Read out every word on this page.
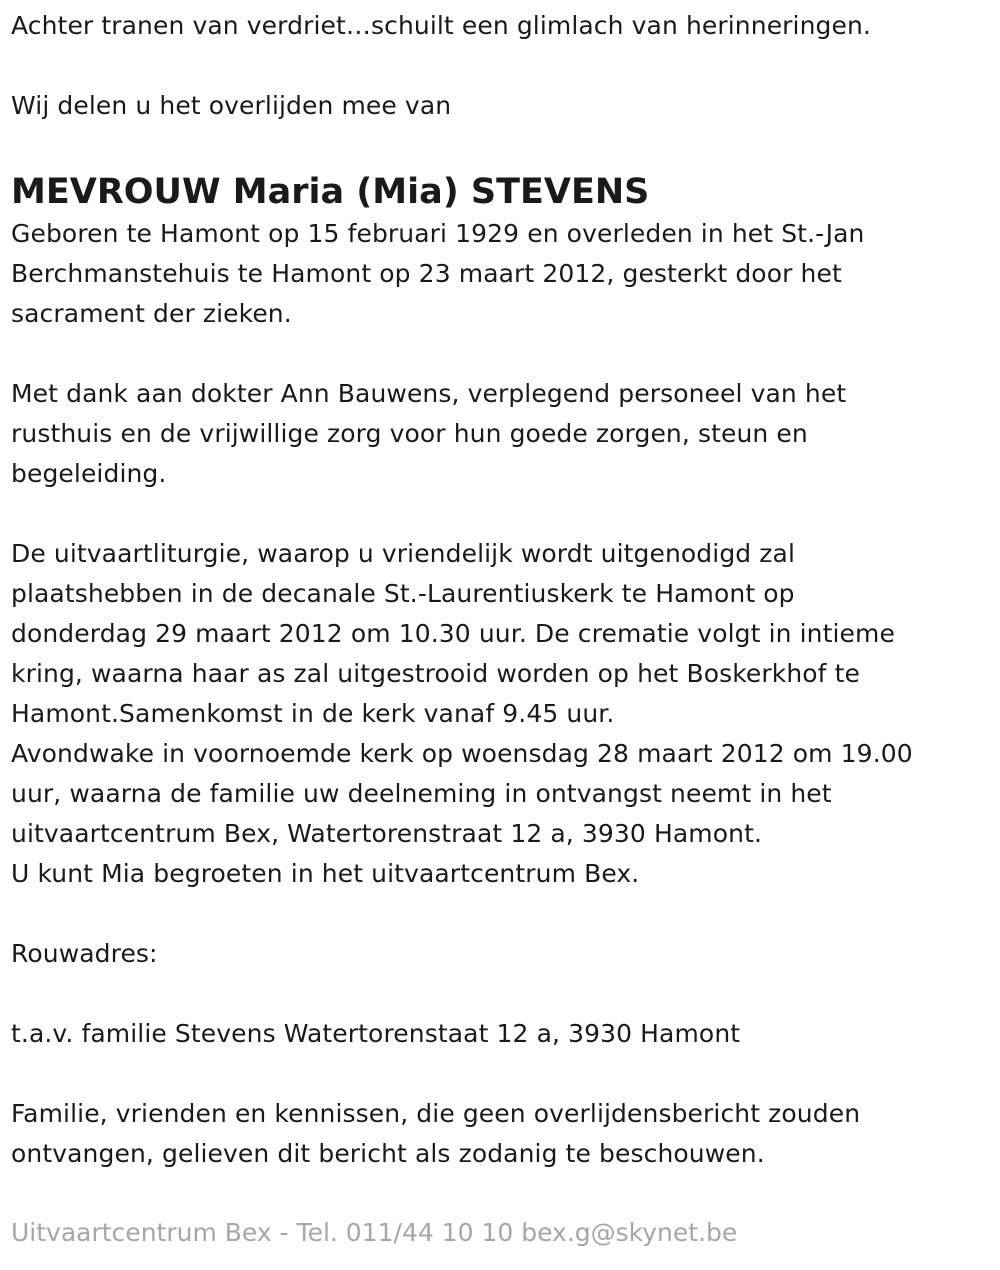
Achter tranen van verdriet…schuilt een glimlach van herinneringen.
Wij delen u het overlijden mee van
MEVROUW Maria (Mia) STEVENS
Geboren te Hamont op 15 februari 1929 en overleden in het St.-Jan
Berchmanstehuis te Hamont op 23 maart 2012, gesterkt door het
sacrament der zieken.
Met dank aan dokter Ann Bauwens, verplegend personeel van het
rusthuis en de vrijwillige zorg voor hun goede zorgen, steun en
begeleiding.
De uitvaartliturgie, waarop u vriendelijk wordt uitgenodigd zal
plaatshebben in de decanale St.-Laurentiuskerk te Hamont op
donderdag 29 maart 2012 om 10.30 uur. De crematie volgt in intieme
kring, waarna haar as zal uitgestrooid worden op het Boskerkhof te
Hamont.Samenkomst in de kerk vanaf 9.45 uur.
Avondwake in voornoemde kerk op woensdag 28 maart 2012 om 19.00
uur, waarna de familie uw deelneming in ontvangst neemt in het
uitvaartcentrum Bex, Watertorenstraat 12 a, 3930 Hamont.
U kunt Mia begroeten in het uitvaartcentrum Bex.
Rouwadres:
t.a.v. familie Stevens Watertorenstaat 12 a, 3930 Hamont
Familie, vrienden en kennissen, die geen overlijdensbericht zouden
ontvangen, gelieven dit bericht als zodanig te beschouwen.
Uitvaartcentrum Bex - Tel. 011/44 10 10 bex.g@skynet.be
